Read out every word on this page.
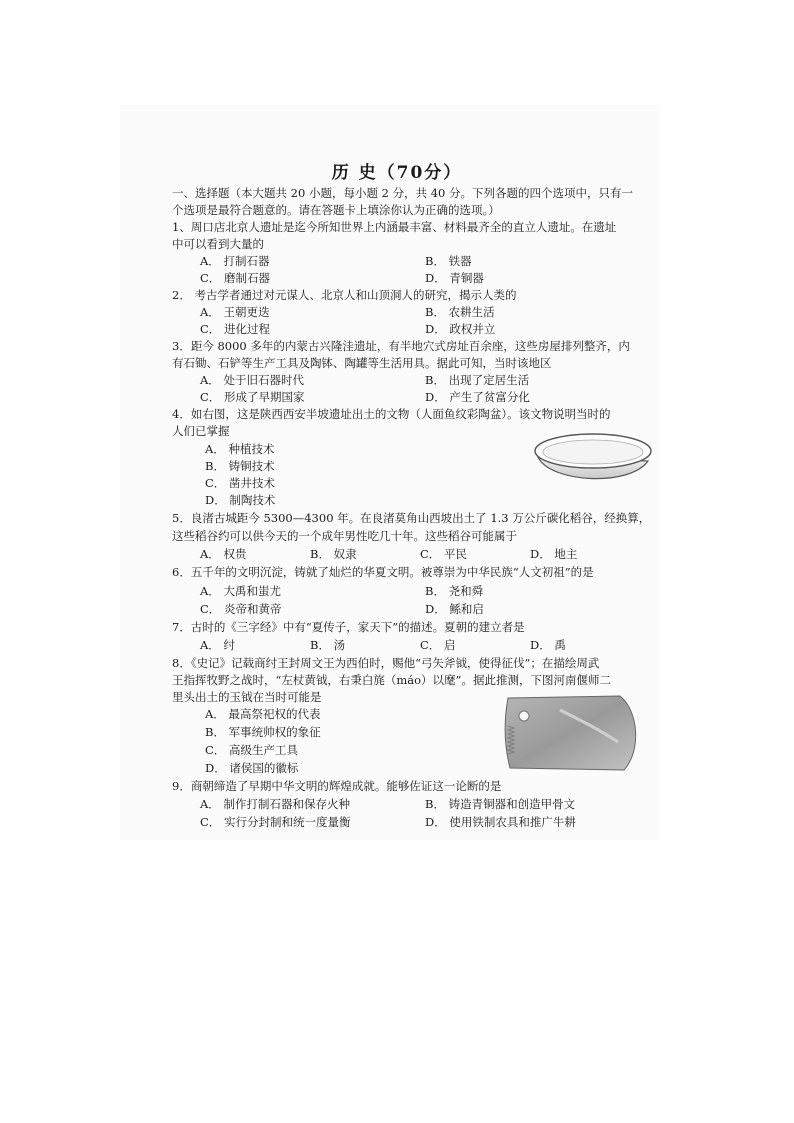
历 史（70分）
一、选择题（本大题共 20 小题，每小题 2 分，共 40 分。下列各题的四个选项中，只有一
个选项是最符合题意的。请在答题卡上填涂你认为正确的选项。）
1、周口店北京人遗址是迄今所知世界上内涵最丰富、材料最齐全的直立人遗址。在遗址
中可以看到大量的
A． 打制石器	B． 铁器
C． 磨制石器	D． 青铜器
2． 考古学者通过对元谋人、北京人和山顶洞人的研究，揭示人类的
A． 王朝更迭	B． 农耕生活
C． 进化过程	D． 政权并立
3．距今 8000 多年的内蒙古兴隆洼遗址，有半地穴式房址百余座，这些房屋排列整齐，内
有石锄、石铲等生产工具及陶钵、陶罐等生活用具。据此可知，当时该地区
A． 处于旧石器时代	B． 出现了定居生活
C． 形成了早期国家	D． 产生了贫富分化
4．如右图，这是陕西西安半坡遗址出土的文物（人面鱼纹彩陶盆）。该文物说明当时的
人们已掌握
A． 种植技术
B． 铸铜技术
C． 凿井技术
D． 制陶技术
5．良渚古城距今 5300—4300 年。在良渚莫角山西坡出土了 1.3 万公斤碳化稻谷，经换算，
这些稻谷约可以供今天的一个成年男性吃几十年。这些稻谷可能属于
A． 权贵	B． 奴隶	C． 平民	D． 地主
6．五千年的文明沉淀，铸就了灿烂的华夏文明。被尊崇为中华民族“人文初祖”的是
A． 大禹和蚩尤	B． 尧和舜
C． 炎帝和黄帝	D． 鲧和启
7．古时的《三字经》中有“夏传子，家天下”的描述。夏朝的建立者是
A． 纣	B． 汤	C． 启	D． 禹
8．《史记》记载商纣王封周文王为西伯时，赐他“弓矢斧钺，使得征伐”；在描绘周武
王指挥牧野之战时，“左杖黄钺，右秉白旄（máo）以麾”。据此推测，下图河南偃师二
里头出土的玉钺在当时可能是
A． 最高祭祀权的代表
B． 军事统帅权的象征
C． 高级生产工具
D． 诸侯国的徽标
9．商朝缔造了早期中华文明的辉煌成就。能够佐证这一论断的是
A． 制作打制石器和保存火种	B． 铸造青铜器和创造甲骨文
C． 实行分封制和统一度量衡	D． 使用铁制农具和推广牛耕
